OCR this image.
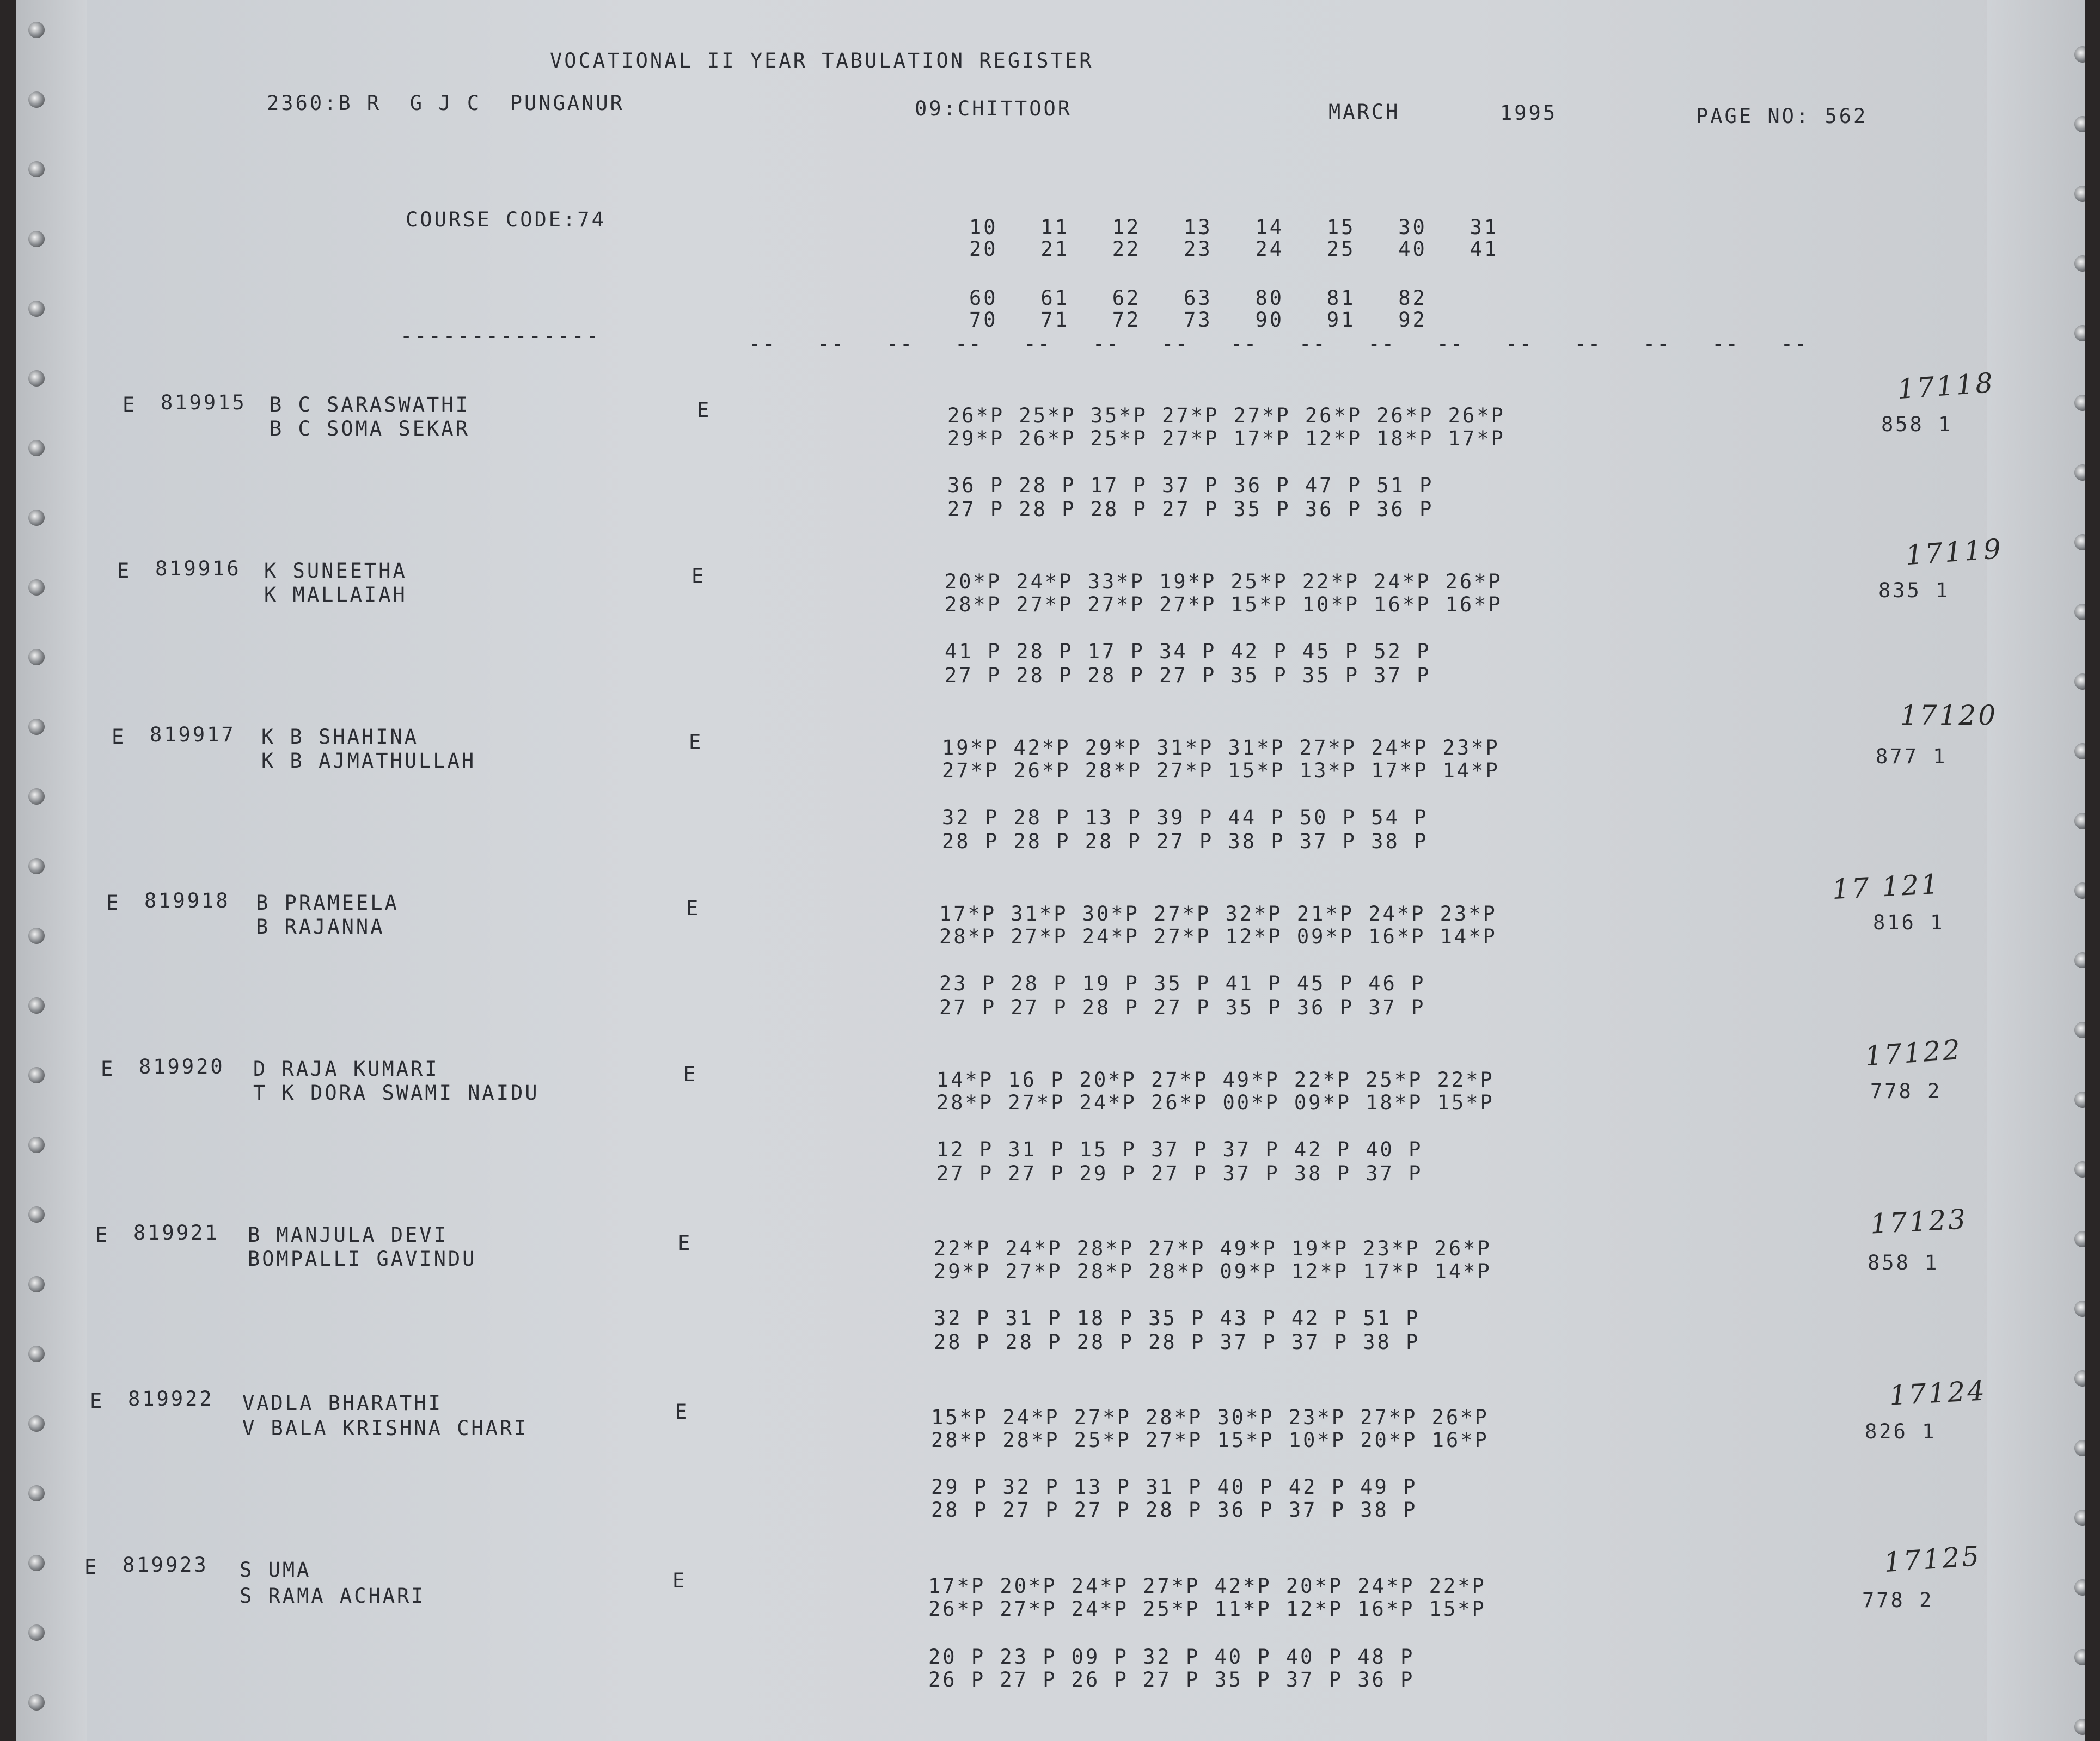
VOCATIONAL II YEAR TABULATION REGISTER
2360:B R  G J C  PUNGANUR	09:CHITTOOR	MARCH	1995	PAGE NO: 562
COURSE CODE:74	10   11   12   13   14   15   30   31
20   21   22   23   24   25   40   41
60   61   62   63   80   81   82
70   71   72   73   90   91   92
--------------	--   --   --   --   --   --   --   --   --   --   --   --   --   --   --   --
E 819915 B C SARASWATHI
B C SOMA SEKAR
E	26*P 25*P 35*P 27*P 27*P 26*P 26*P 26*P
29*P 26*P 25*P 27*P 17*P 12*P 18*P 17*P
36 P 28 P 17 P 37 P 36 P 47 P 51 P
27 P 28 P 28 P 27 P 35 P 36 P 36 P
858 1
17118
E 819916 K SUNEETHA
K MALLAIAH
E	20*P 24*P 33*P 19*P 25*P 22*P 24*P 26*P
28*P 27*P 27*P 27*P 15*P 10*P 16*P 16*P
41 P 28 P 17 P 34 P 42 P 45 P 52 P
27 P 28 P 28 P 27 P 35 P 35 P 37 P
835 1
17119
E 819917 K B SHAHINA
K B AJMATHULLAH
E	19*P 42*P 29*P 31*P 31*P 27*P 24*P 23*P
27*P 26*P 28*P 27*P 15*P 13*P 17*P 14*P
32 P 28 P 13 P 39 P 44 P 50 P 54 P
28 P 28 P 28 P 27 P 38 P 37 P 38 P
877 1
17120
E 819918 B PRAMEELA
B RAJANNA
E	17*P 31*P 30*P 27*P 32*P 21*P 24*P 23*P
28*P 27*P 24*P 27*P 12*P 09*P 16*P 14*P
23 P 28 P 19 P 35 P 41 P 45 P 46 P
27 P 27 P 28 P 27 P 35 P 36 P 37 P
816 1
17 121
E 819920 D RAJA KUMARI
T K DORA SWAMI NAIDU
E	14*P 16 P 20*P 27*P 49*P 22*P 25*P 22*P
28*P 27*P 24*P 26*P 00*P 09*P 18*P 15*P
12 P 31 P 15 P 37 P 37 P 42 P 40 P
27 P 27 P 29 P 27 P 37 P 38 P 37 P
778 2
17122
E 819921 B MANJULA DEVI
BOMPALLI GAVINDU
E	22*P 24*P 28*P 27*P 49*P 19*P 23*P 26*P
29*P 27*P 28*P 28*P 09*P 12*P 17*P 14*P
32 P 31 P 18 P 35 P 43 P 42 P 51 P
28 P 28 P 28 P 28 P 37 P 37 P 38 P
858 1
17123
E 819922 VADLA BHARATHI
V BALA KRISHNA CHARI
E	15*P 24*P 27*P 28*P 30*P 23*P 27*P 26*P
28*P 28*P 25*P 27*P 15*P 10*P 20*P 16*P
29 P 32 P 13 P 31 P 40 P 42 P 49 P
28 P 27 P 27 P 28 P 36 P 37 P 38 P
826 1
17124
E 819923 S UMA
S RAMA ACHARI
E	17*P 20*P 24*P 27*P 42*P 20*P 24*P 22*P
26*P 27*P 24*P 25*P 11*P 12*P 16*P 15*P
20 P 23 P 09 P 32 P 40 P 40 P 48 P
26 P 27 P 26 P 27 P 35 P 37 P 36 P
778 2
17125
